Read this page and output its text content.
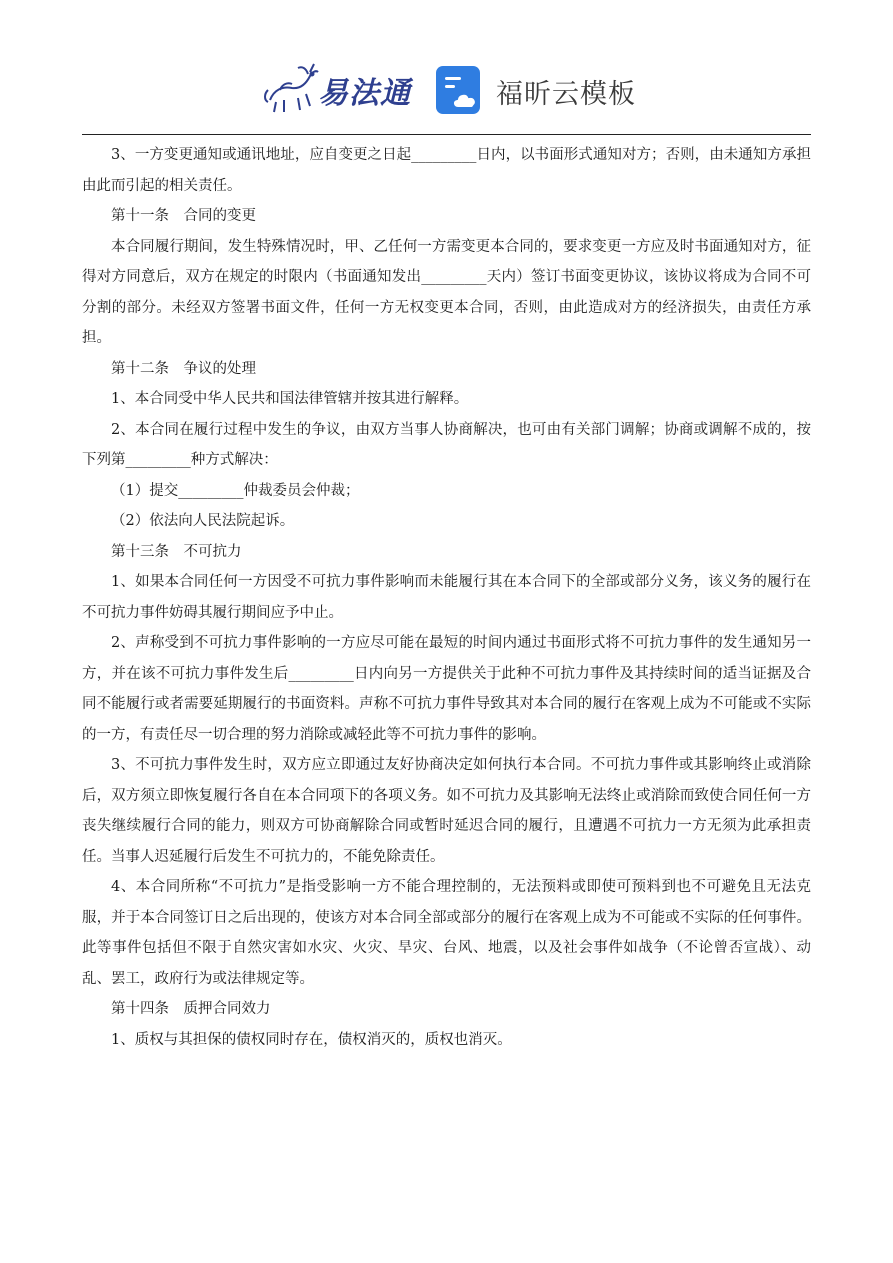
易法通	福昕云模板

3、一方变更通知或通讯地址，应自变更之日起_________日内，以书面形式通知对方；否则，由未通知方承担由此而引起的相关责任。

第十一条　合同的变更

本合同履行期间，发生特殊情况时，甲、乙任何一方需变更本合同的，要求变更一方应及时书面通知对方，征得对方同意后，双方在规定的时限内（书面通知发出_________天内）签订书面变更协议，该协议将成为合同不可分割的部分。未经双方签署书面文件，任何一方无权变更本合同，否则，由此造成对方的经济损失，由责任方承担。

第十二条　争议的处理

1、本合同受中华人民共和国法律管辖并按其进行解释。

2、本合同在履行过程中发生的争议，由双方当事人协商解决，也可由有关部门调解；协商或调解不成的，按下列第_________种方式解决：

（1）提交_________仲裁委员会仲裁；

（2）依法向人民法院起诉。

第十三条　不可抗力

1、如果本合同任何一方因受不可抗力事件影响而未能履行其在本合同下的全部或部分义务，该义务的履行在不可抗力事件妨碍其履行期间应予中止。

2、声称受到不可抗力事件影响的一方应尽可能在最短的时间内通过书面形式将不可抗力事件的发生通知另一方，并在该不可抗力事件发生后_________日内向另一方提供关于此种不可抗力事件及其持续时间的适当证据及合同不能履行或者需要延期履行的书面资料。声称不可抗力事件导致其对本合同的履行在客观上成为不可能或不实际的一方，有责任尽一切合理的努力消除或减轻此等不可抗力事件的影响。

3、不可抗力事件发生时，双方应立即通过友好协商决定如何执行本合同。不可抗力事件或其影响终止或消除后，双方须立即恢复履行各自在本合同项下的各项义务。如不可抗力及其影响无法终止或消除而致使合同任何一方丧失继续履行合同的能力，则双方可协商解除合同或暂时延迟合同的履行，且遭遇不可抗力一方无须为此承担责任。当事人迟延履行后发生不可抗力的，不能免除责任。

4、本合同所称“不可抗力”是指受影响一方不能合理控制的，无法预料或即使可预料到也不可避免且无法克服，并于本合同签订日之后出现的，使该方对本合同全部或部分的履行在客观上成为不可能或不实际的任何事件。此等事件包括但不限于自然灾害如水灾、火灾、旱灾、台风、地震，以及社会事件如战争（不论曾否宣战）、动乱、罢工，政府行为或法律规定等。

第十四条　质押合同效力

1、质权与其担保的债权同时存在，债权消灭的，质权也消灭。
